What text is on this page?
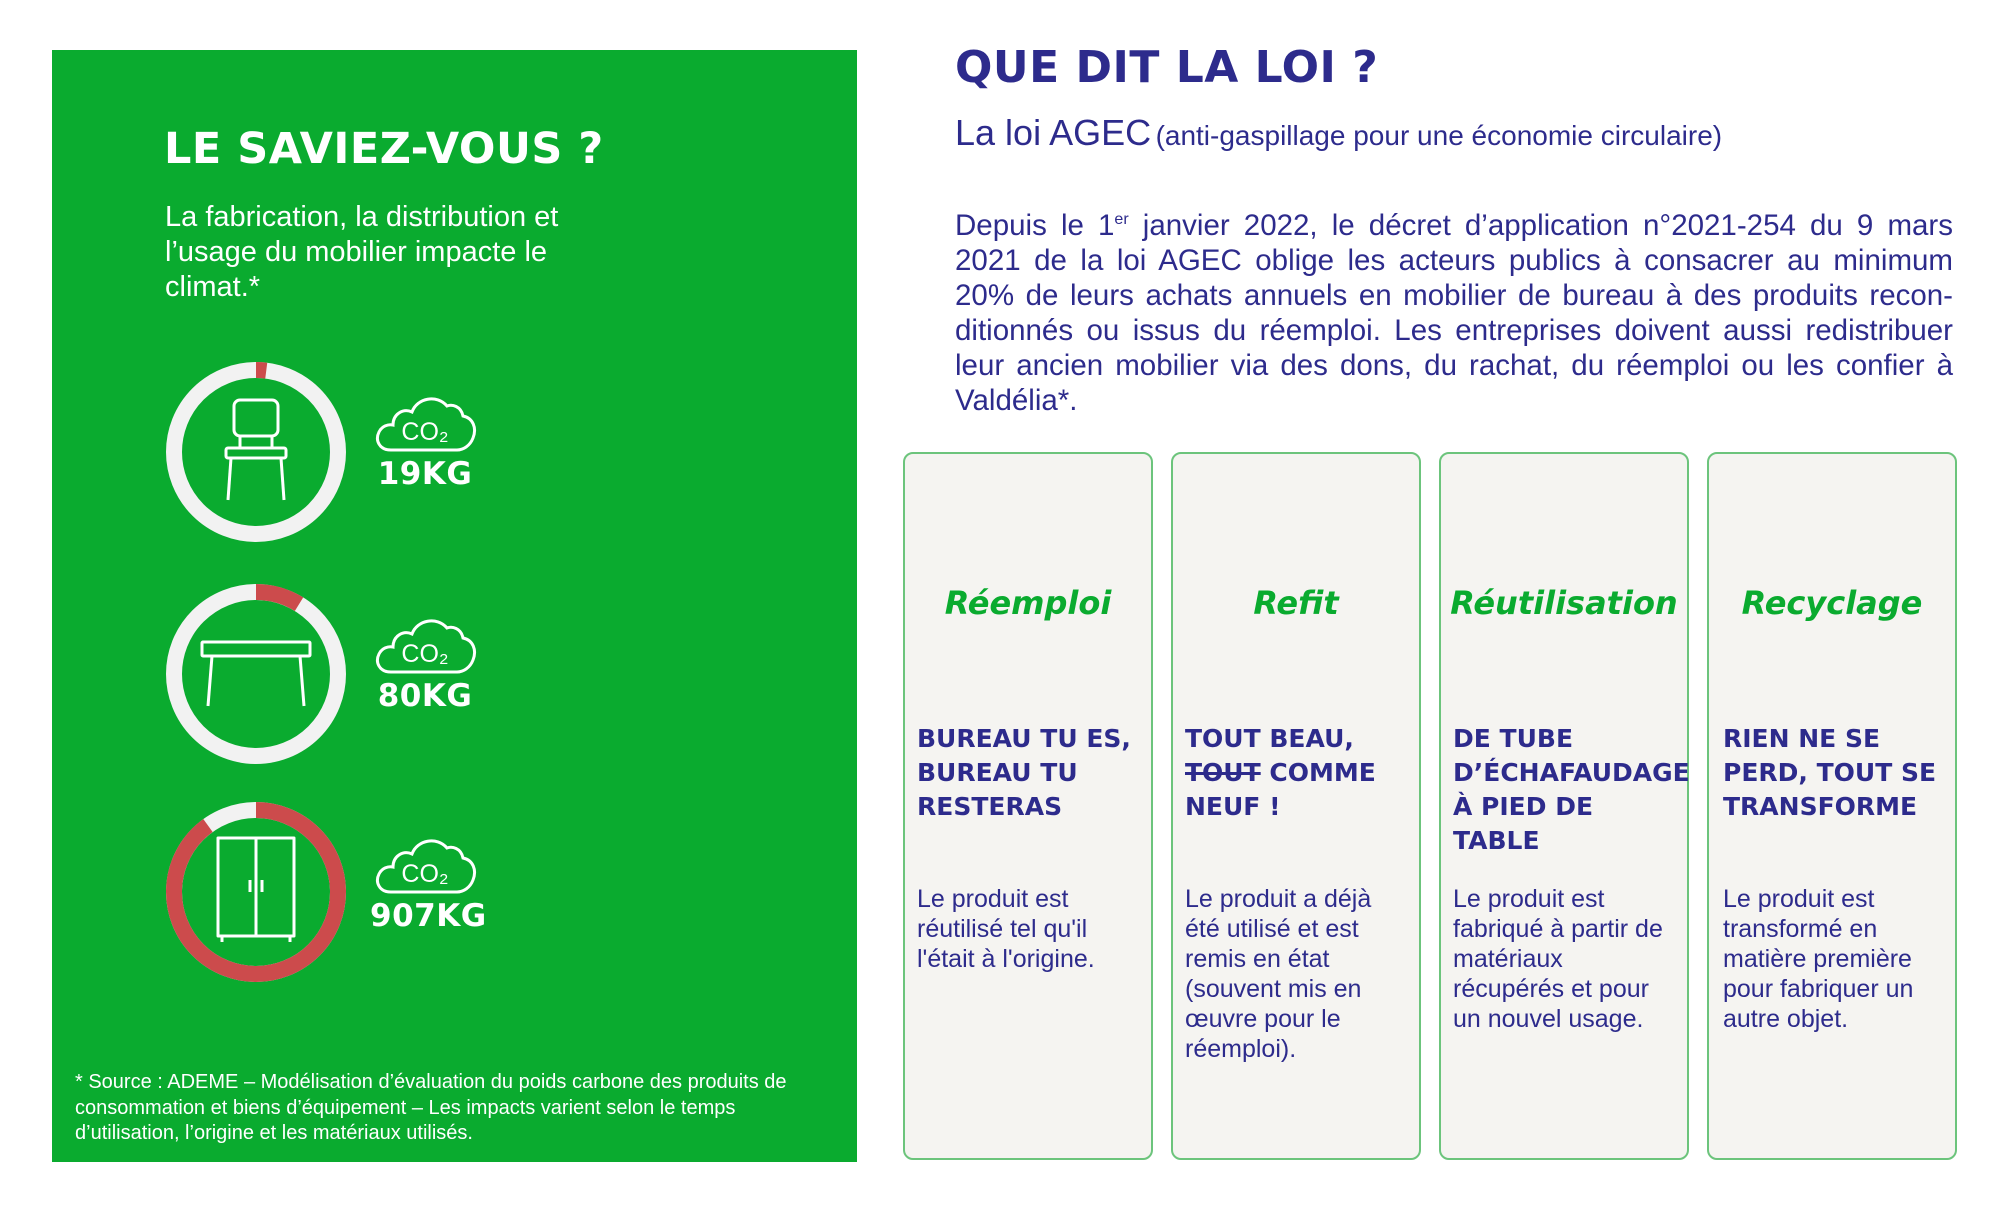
LE SAVIEZ-VOUS ?

La fabrication, la distribution et l’usage du mobilier impacte le climat.*

CO₂
19KG
CO₂
80KG
CO₂
907KG

* Source : ADEME – Modélisation d’évaluation du poids carbone des produits de consommation et biens d’équipement – Les impacts varient selon le temps d’utilisation, l’origine et les matériaux utilisés.

QUE DIT LA LOI ?

La loi AGEC (anti-gaspillage pour une économie circulaire)

Depuis le 1er janvier 2022, le décret d’application n°2021-254 du 9 mars 2021 de la loi AGEC oblige les acteurs publics à consacrer au minimum 20% de leurs achats annuels en mobilier de bureau à des produits reconditionnés ou issus du réemploi. Les entreprises doivent aussi redistribuer leur ancien mobilier via des dons, du rachat, du réemploi ou les confier à Valdélia*.

Réemploi

BUREAU TU ES, BUREAU TU RESTERAS

Le produit est réutilisé tel qu'il l'était à l'origine.

Refit

TOUT BEAU,
TOUT COMME NEUF !

Le produit a déjà été utilisé et est remis en état (souvent mis en œuvre pour le réemploi).

Réutilisation

DE TUBE D’ÉCHAFAUDAGE À PIED DE TABLE

Le produit est fabriqué à partir de matériaux récupérés et pour un nouvel usage.

Recyclage

RIEN NE SE PERD, TOUT SE TRANSFORME

Le produit est transformé en matière première pour fabriquer un autre objet.
